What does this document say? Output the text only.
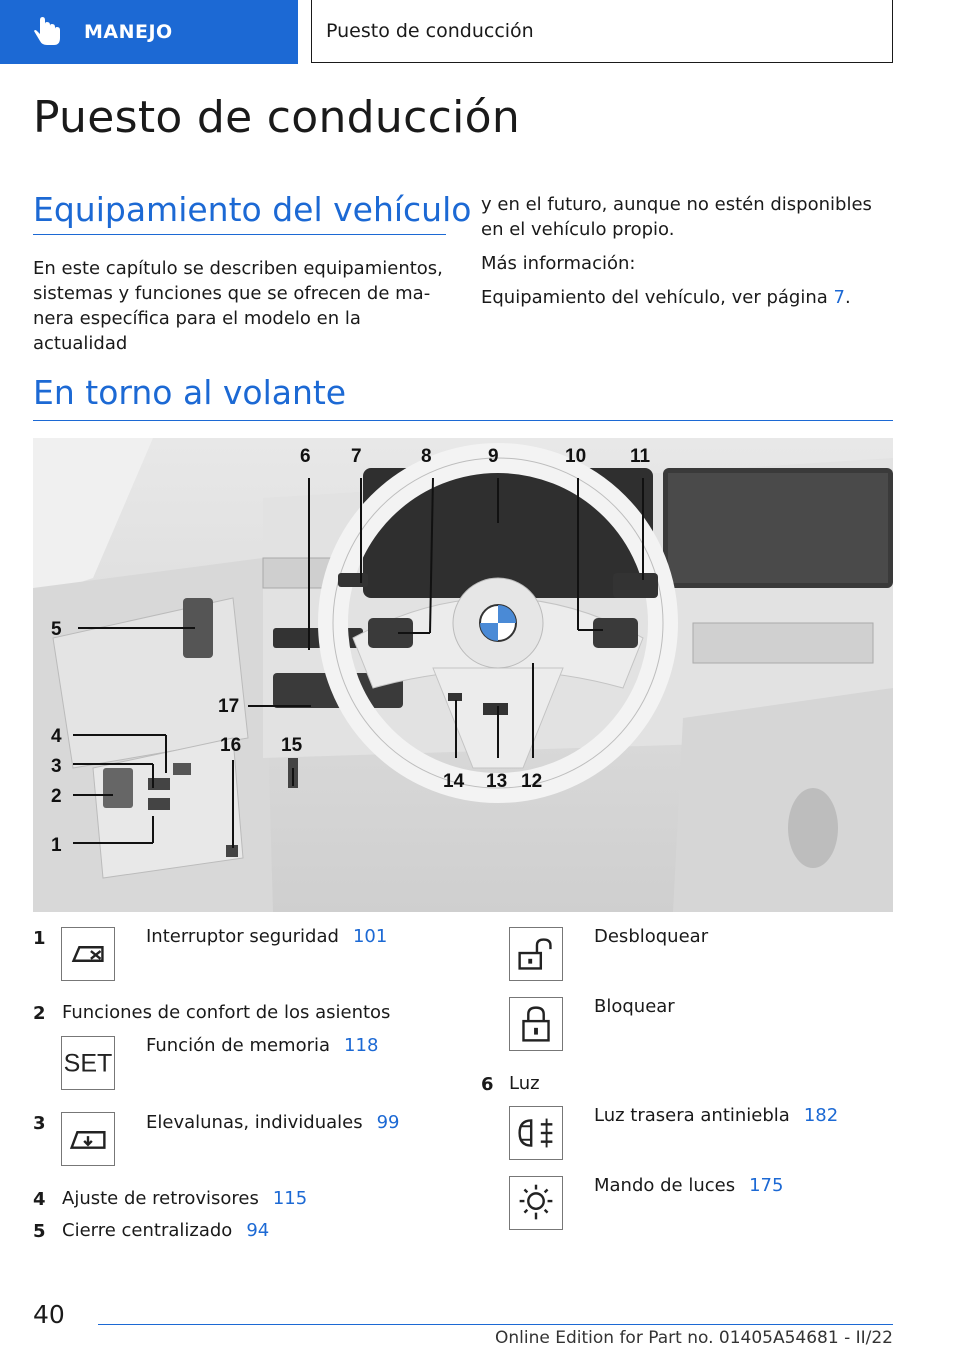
MANEJO	Puesto de conducción
Puesto de conducción
Equipamiento del vehículo

En este capítulo se describen equipamientos, sistemas y funciones que se ofrecen de ma‐ nera específica para el modelo en la actualidad

y en el futuro, aunque no estén disponibles en el vehículo propio.

Más información:

Equipamiento del vehículo, ver página 7.

En torno al volante
5
4
3
2
1
6 7	8	9	10 11
12
13
14
15
16
17
1	Interruptor seguridad 101
2 Funciones de confort de los asientos
SET
Función de memoria 118
3	Elevalunas, individuales 99
4 Ajuste de retrovisores 115
5 Cierre centralizado 94
Desbloquear
Bloquear
6 Luz
Luz trasera antiniebla 182
Mando de luces 175
40
Online Edition for Part no. 01405A54681 - II/22
